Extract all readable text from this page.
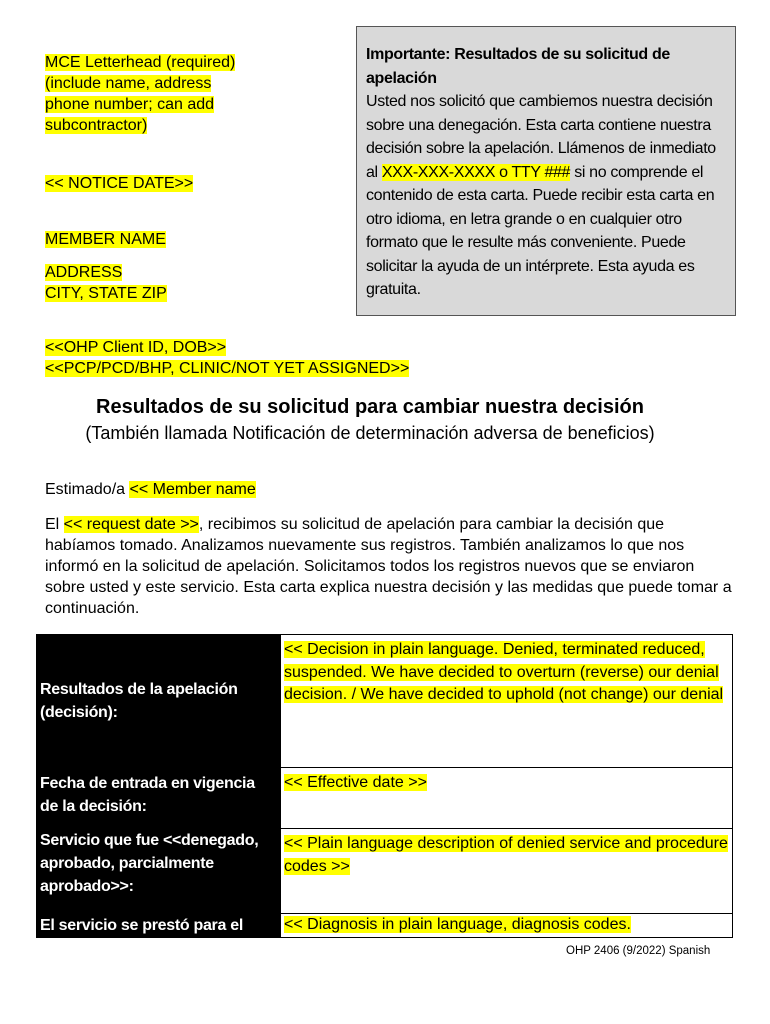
MCE Letterhead (required)
(include name, address
phone number; can add
subcontractor)
<< NOTICE DATE>>
MEMBER NAME
ADDRESS
CITY, STATE ZIP
Importante: Resultados de su solicitud de apelación
Usted nos solicitó que cambiemos nuestra decisión sobre una denegación. Esta carta contiene nuestra decisión sobre la apelación. Llámenos de inmediato al XXX-XXX-XXXX o TTY ### si no comprende el contenido de esta carta. Puede recibir esta carta en otro idioma, en letra grande o en cualquier otro formato que le resulte más conveniente. Puede solicitar la ayuda de un intérprete. Esta ayuda es gratuita.
<<OHP Client ID, DOB>>
<<PCP/PCD/BHP, CLINIC/NOT YET ASSIGNED>>
Resultados de su solicitud para cambiar nuestra decisión
(También llamada Notificación de determinación adversa de beneficios)
Estimado/a << Member name
El << request date >>, recibimos su solicitud de apelación para cambiar la decisión que habíamos tomado. Analizamos nuevamente sus registros. También analizamos lo que nos informó en la solicitud de apelación. Solicitamos todos los registros nuevos que se enviaron sobre usted y este servicio. Esta carta explica nuestra decisión y las medidas que puede tomar a continuación.
Resultados de la apelación (decisión):	<< Decision in plain language. Denied, terminated reduced, suspended. We have decided to overturn (reverse) our denial decision. / We have decided to uphold (not change) our denial
Fecha de entrada en vigencia de la decisión:	<< Effective date >>
Servicio que fue <<denegado, aprobado, parcialmente aprobado>>:	<< Plain language description of denied service and procedure codes >>
El servicio se prestó para el	<< Diagnosis in plain language, diagnosis codes.
OHP 2406 (9/2022) Spanish
